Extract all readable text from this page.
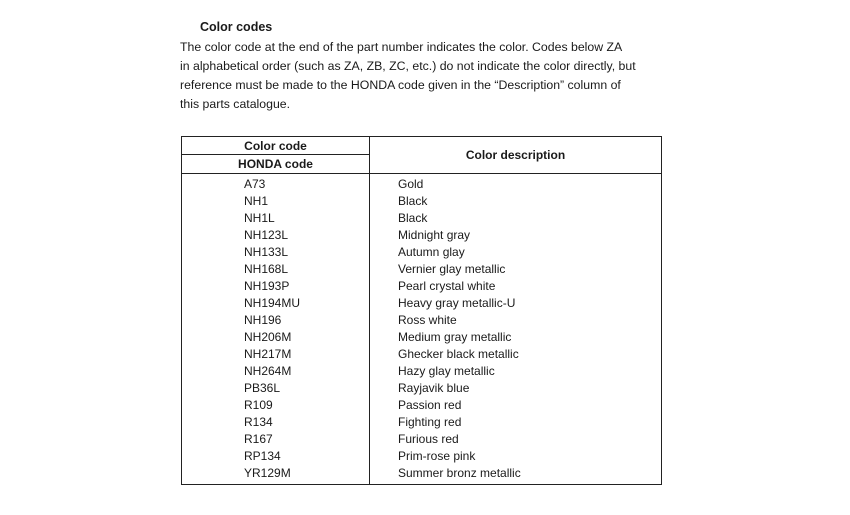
Color codes

The color code at the end of the part number indicates the color. Codes below ZA

in alphabetical order (such as ZA, ZB, ZC, etc.) do not indicate the color directly, but

reference must be made to the HONDA code given in the “Description” column of

this parts catalogue.

Color code	Color description
HONDA code	
A73	Gold
NH1	Black
NH1L	Black
NH123L	Midnight gray
NH133L	Autumn glay
NH168L	Vernier glay metallic
NH193P	Pearl crystal white
NH194MU	Heavy gray metallic-U
NH196	Ross white
NH206M	Medium gray metallic
NH217M	Ghecker black metallic
NH264M	Hazy glay metallic
PB36L	Rayjavik blue
R109	Passion red
R134	Fighting red
R167	Furious red
RP134	Prim-rose pink
YR129M	Summer bronz metallic
